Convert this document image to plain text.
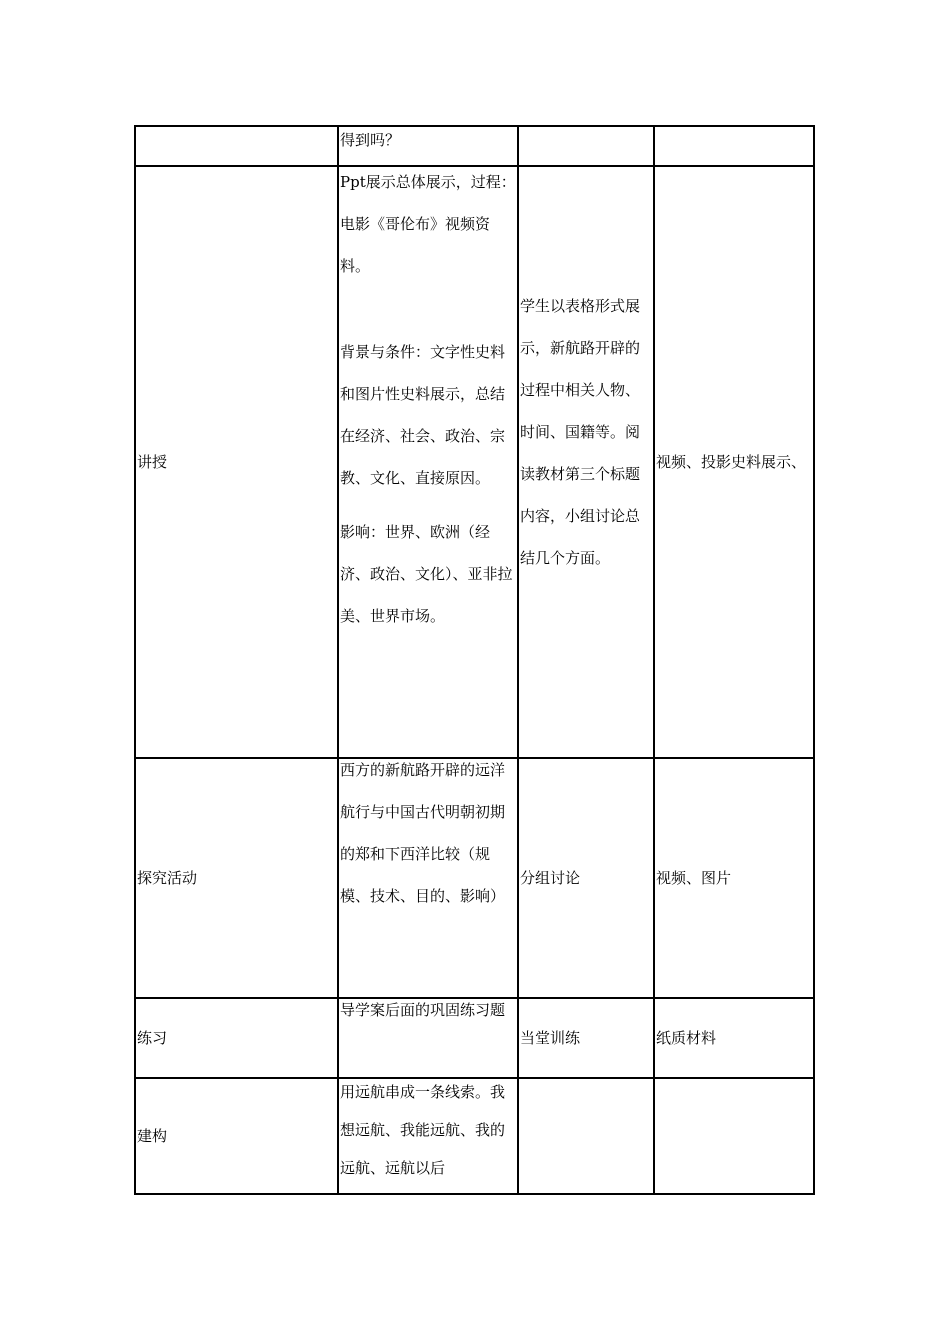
	得到吗？		

讲授	Ppt展示总体展示，过程：电影《哥伦布》视频资料。
背景与条件：文字性史料和图片性史料展示，总结在经济、社会、政治、宗教、文化、直接原因。
影响：世界、欧洲（经济、政治、文化）、亚非拉美、世界市场。	学生以表格形式展示，新航路开辟的过程中相关人物、时间、国籍等。阅读教材第三个标题内容，小组讨论总结几个方面。	视频、投影史料展示、

探究活动	西方的新航路开辟的远洋航行与中国古代明朝初期的郑和下西洋比较（规模、技术、目的、影响）	分组讨论	视频、图片

练习	导学案后面的巩固练习题	当堂训练	纸质材料

建构	用远航串成一条线索。我想远航、我能远航、我的远航、远航以后		
